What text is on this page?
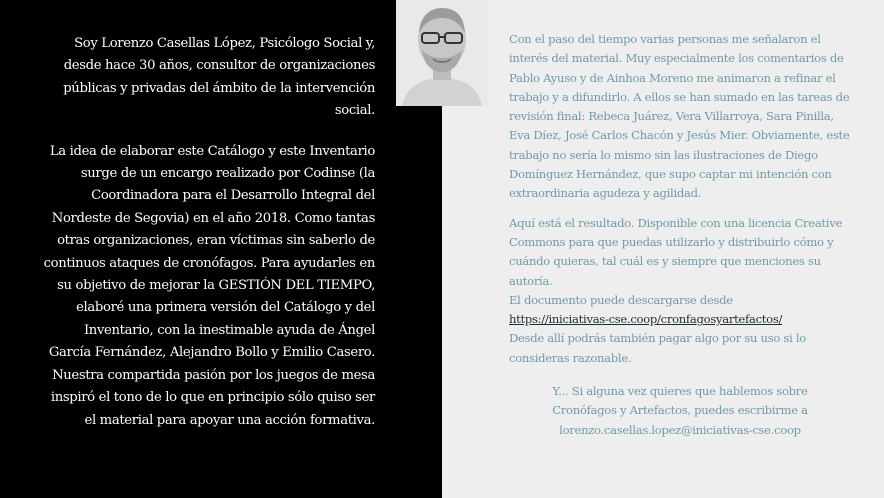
Soy Lorenzo Casellas López, Psicólogo Social y, desde hace 30 años, consultor de organizaciones públicas y privadas del ámbito de la intervención social.

La idea de elaborar este Catálogo y este Inventario surge de un encargo realizado por Codinse (la Coordinadora para el Desarrollo Integral del Nordeste de Segovia) en el año 2018. Como tantas otras organizaciones, eran víctimas sin saberlo de continuos ataques de cronófagos. Para ayudarles en su objetivo de mejorar la GESTIÓN DEL TIEMPO, elaboré una primera versión del Catálogo y del Inventario, con la inestimable ayuda de Ángel García Fernández, Alejandro Bollo y Emilio Casero. Nuestra compartida pasión por los juegos de mesa inspiró el tono de lo que en principio sólo quiso ser el material para apoyar una acción formativa.

Con el paso del tiempo varias personas me señalaron el interés del material. Muy especialmente los comentarios de Pablo Ayuso y de Ainhoa Moreno me animaron a refinar el trabajo y a difundirlo. A ellos se han sumado en las tareas de revisión final: Rebeca Juárez, Vera Villarroya, Sara Pinilla, Eva Díez, José Carlos Chacón y Jesús Mier. Obviamente, este trabajo no sería lo mismo sin las ilustraciones de Diego Domínguez Hernández, que supo captar mi intención con extraordinaria agudeza y agilidad.

Aquí está el resultado. Disponible con una licencia Creative Commons para que puedas utilizarlo y distribuirlo cómo y cuándo quieras, tal cuál es y siempre que menciones su autoría.

El documento puede descargarse desde

https://iniciativas-cse.coop/cronfagosyartefactos/

Desde allí podrás también pagar algo por su uso si lo consideras razonable.

Y... Si alguna vez quieres que hablemos sobre

Cronófagos y Artefactos, puedes escribirme a

lorenzo.casellas.lopez@iniciativas-cse.coop
